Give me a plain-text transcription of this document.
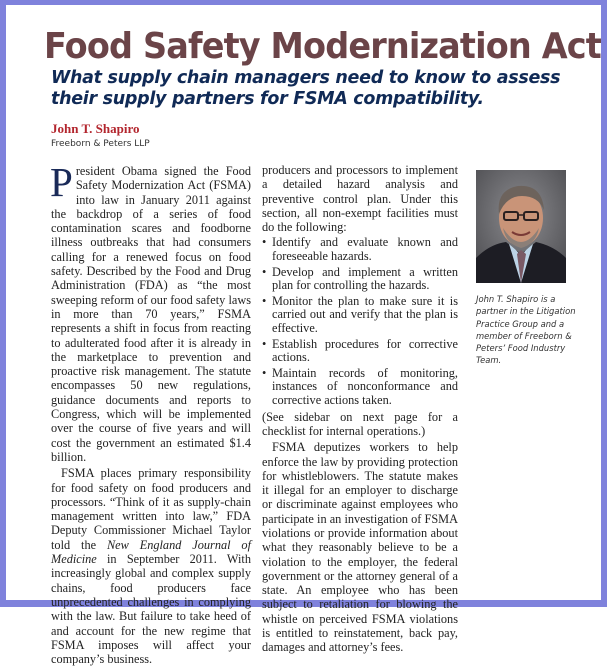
Food Safety Modernization Act
What supply chain managers need to know to assess their supply partners for FSMA compatibility.
John T. Shapiro
Freeborn & Peters LLP

President Obama signed the Food Safety Modernization Act (FSMA) into law in January 2011 against the backdrop of a series of food contamination scares and foodborne illness outbreaks that had consumers calling for a renewed focus on food safety. Described by the Food and Drug Administration (FDA) as “the most sweeping reform of our food safety laws in more than 70 years,” FSMA represents a shift in focus from reacting to adulterated food after it is already in the marketplace to prevention and proactive risk management. The statute encompasses 50 new regulations, guidance documents and reports to Congress, which will be implemented over the course of five years and will cost the government an estimated $1.4 billion.

FSMA places primary responsibility for food safety on food producers and processors. “Think of it as supply-chain management written into law,” FDA Deputy Commissioner Michael Taylor told the New England Journal of Medicine in September 2011. With increasingly global and complex supply chains, food producers face unprecedented challenges in complying with the law. But failure to take heed of and account for the new regime that FSMA imposes will affect your company’s business.

producers and processors to implement a detailed hazard analysis and preventive control plan. Under this section, all non-exempt facilities must do the following:

• Identify and evaluate known and foreseeable hazards.
• Develop and implement a written plan for controlling the hazards.
• Monitor the plan to make sure it is carried out and verify that the plan is effective.
• Establish procedures for corrective actions.
• Maintain records of monitoring, instances of nonconformance and corrective actions taken.

(See sidebar on next page for a checklist for internal operations.)

FSMA deputizes workers to help enforce the law by providing protection for whistleblowers. The statute makes it illegal for an employer to discharge or discriminate against employees who participate in an investigation of FSMA violations or provide information about what they reasonably believe to be a violation to the employer, the federal government or the attorney general of a state. An employee who has been subject to retaliation for blowing the whistle on perceived FSMA violations is entitled to reinstatement, back pay, damages and attorney’s fees.

John T. Shapiro is a partner in the Litigation Practice Group and a member of Freeborn & Peters’ Food Industry Team.
